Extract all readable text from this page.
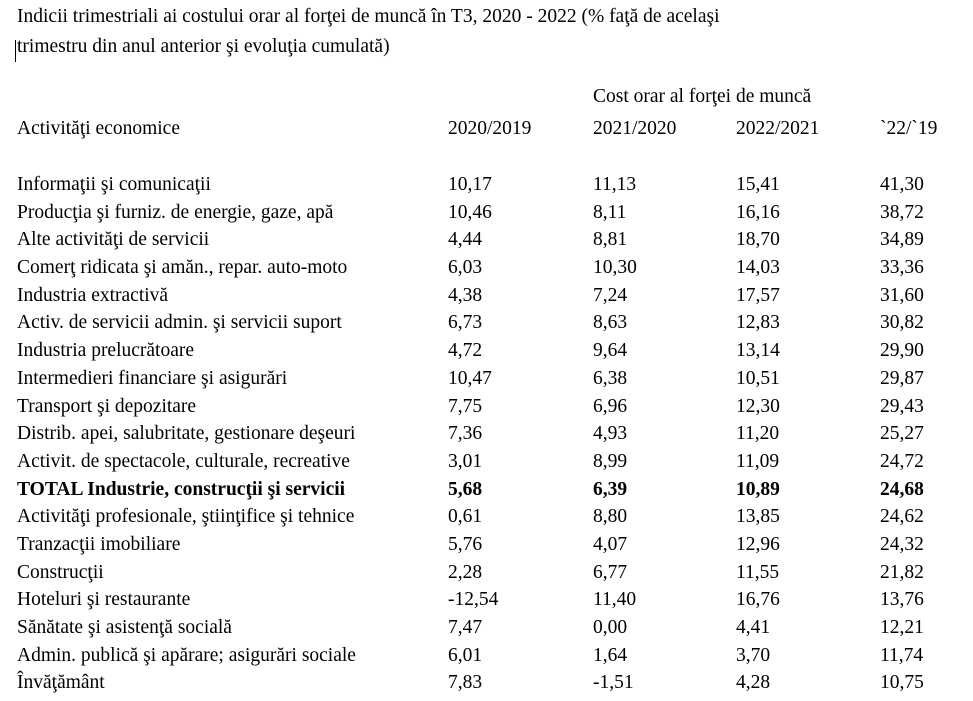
Indicii trimestriali ai costului orar al forţei de muncă în T3, 2020 - 2022 (% faţă de acelaşi
trimestru din anul anterior şi evoluţia cumulată)
Cost orar al forţei de muncă
Activităţi economice	2020/2019	2021/2020	2022/2021	`22/`19
Informaţii şi comunicaţii	10,17	11,13	15,41	41,30
Producţia şi furniz. de energie, gaze, apă	10,46	8,11	16,16	38,72
Alte activităţi de servicii	4,44	8,81	18,70	34,89
Comerţ ridicata şi amăn., repar. auto-moto	6,03	10,30	14,03	33,36
Industria extractivă	4,38	7,24	17,57	31,60
Activ. de servicii admin. şi servicii suport	6,73	8,63	12,83	30,82
Industria prelucrătoare	4,72	9,64	13,14	29,90
Intermedieri financiare şi asigurări	10,47	6,38	10,51	29,87
Transport şi depozitare	7,75	6,96	12,30	29,43
Distrib. apei, salubritate, gestionare deşeuri	7,36	4,93	11,20	25,27
Activit. de spectacole, culturale, recreative	3,01	8,99	11,09	24,72
TOTAL Industrie, construcţii şi servicii	5,68	6,39	10,89	24,68
Activităţi profesionale, ştiinţifice şi tehnice	0,61	8,80	13,85	24,62
Tranzacţii imobiliare	5,76	4,07	12,96	24,32
Construcţii	2,28	6,77	11,55	21,82
Hoteluri şi restaurante	-12,54	11,40	16,76	13,76
Sănătate şi asistenţă socială	7,47	0,00	4,41	12,21
Admin. publică şi apărare; asigurări sociale	6,01	1,64	3,70	11,74
Învăţământ	7,83	-1,51	4,28	10,75
